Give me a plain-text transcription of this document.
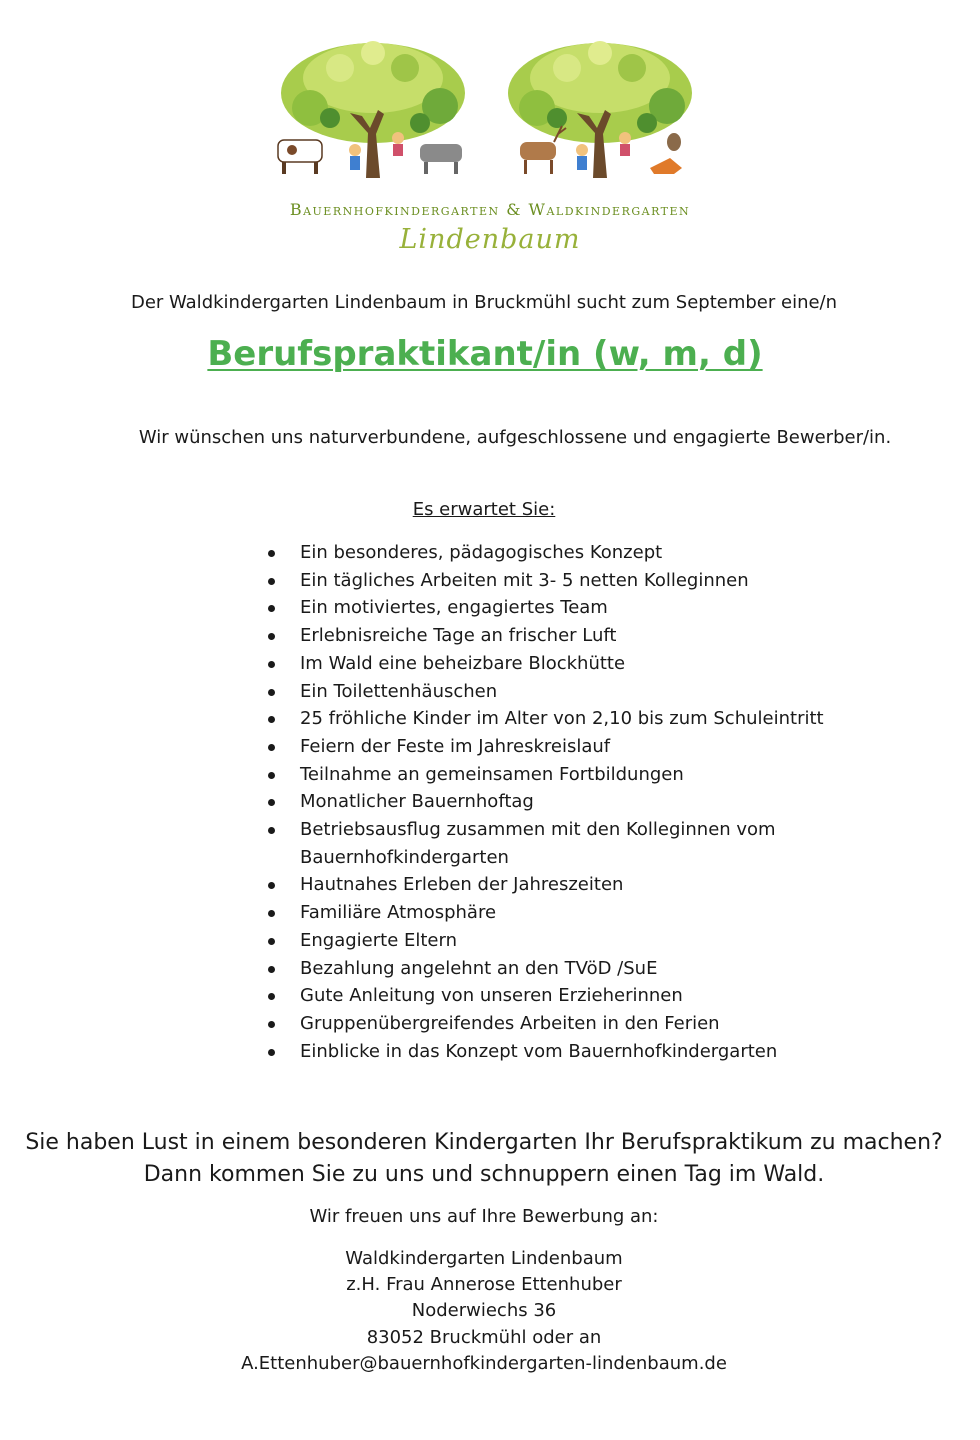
Bauernhofkindergarten & Waldkindergarten
Lindenbaum
Der Waldkindergarten Lindenbaum in Bruckmühl sucht zum September eine/n
Berufspraktikant/in (w, m, d)
Wir wünschen uns naturverbundene, aufgeschlossene und engagierte Bewerber/in.
Es erwartet Sie:
Ein besonderes, pädagogisches Konzept
Ein tägliches Arbeiten mit 3- 5 netten Kolleginnen
Ein motiviertes, engagiertes Team
Erlebnisreiche Tage an frischer Luft
Im Wald eine beheizbare Blockhütte
Ein Toilettenhäuschen
25 fröhliche Kinder im Alter von 2,10 bis zum Schuleintritt
Feiern der Feste im Jahreskreislauf
Teilnahme an gemeinsamen Fortbildungen
Monatlicher Bauernhoftag
Betriebsausflug zusammen mit den Kolleginnen vom
Bauernhofkindergarten
Hautnahes Erleben der Jahreszeiten
Familiäre Atmosphäre
Engagierte Eltern
Bezahlung angelehnt an den TVöD /SuE
Gute Anleitung von unseren Erzieherinnen
Gruppenübergreifendes Arbeiten in den Ferien
Einblicke in das Konzept vom Bauernhofkindergarten
Sie haben Lust in einem besonderen Kindergarten Ihr Berufspraktikum zu machen?
Dann kommen Sie zu uns und schnuppern einen Tag im Wald.
Wir freuen uns auf Ihre Bewerbung an:
Waldkindergarten Lindenbaum
z.H. Frau Annerose Ettenhuber
Noderwiechs 36
83052 Bruckmühl oder an
A.Ettenhuber@bauernhofkindergarten-lindenbaum.de
